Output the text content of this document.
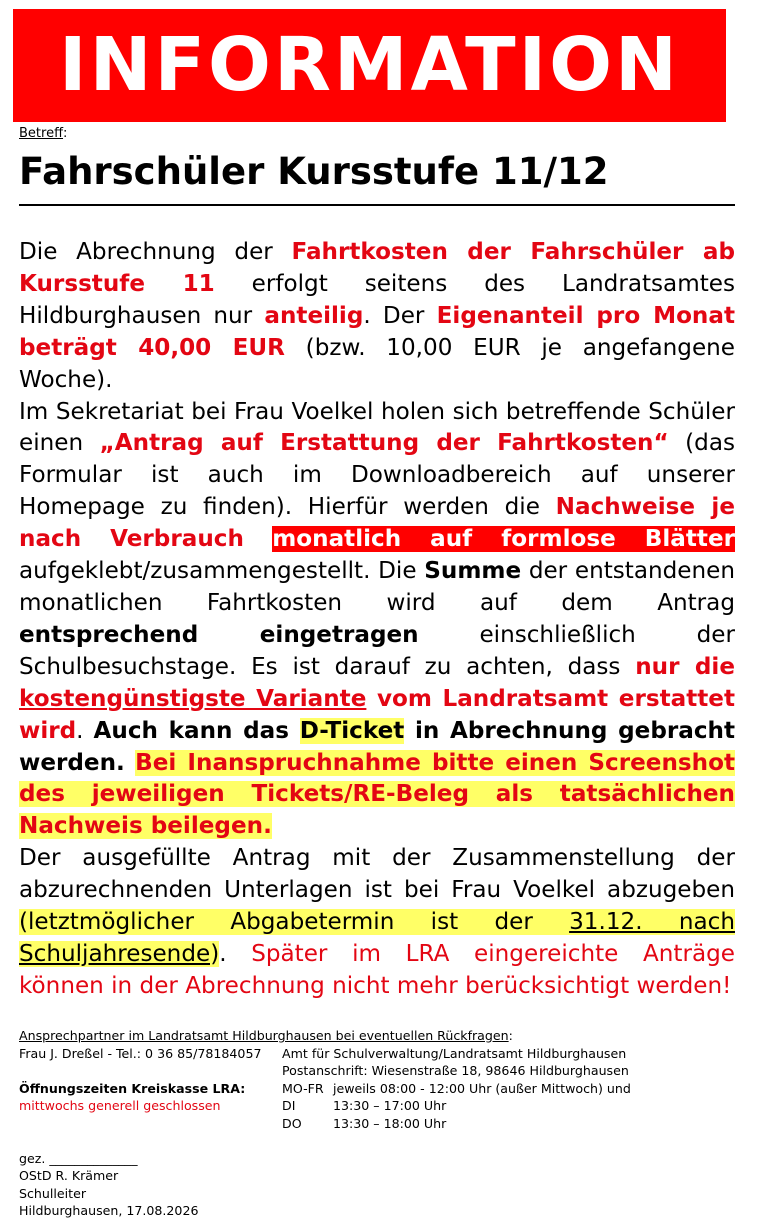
INFORMATION
Betreff:
Fahrschüler Kursstufe 11/12

Die Abrechnung der Fahrtkosten der Fahrschüler ab Kursstufe 11 erfolgt seitens des Landratsamtes Hildburghausen nur anteilig. Der Eigenanteil pro Monat beträgt 40,00 EUR (bzw. 10,00 EUR je angefangene Woche).

Im Sekretariat bei Frau Voelkel holen sich betreffende Schüler einen „Antrag auf Erstattung der Fahrtkosten“ (das Formular ist auch im Downloadbereich auf unserer Homepage zu finden). Hierfür werden die Nachweise je nach Verbrauch monatlich auf formlose Blätter aufgeklebt/zusammengestellt. Die Summe der entstandenen monatlichen Fahrtkosten wird auf dem Antrag entsprechend eingetragen einschließlich der Schulbesuchstage. Es ist darauf zu achten, dass nur die kostengünstigste Variante vom Landratsamt erstattet wird. Auch kann das D-Ticket in Abrechnung gebracht werden. Bei Inanspruchnahme bitte einen Screenshot des jeweiligen Tickets/RE-Beleg als tatsächlichen Nachweis beilegen.

Der ausgefüllte Antrag mit der Zusammenstellung der abzurechnenden Unterlagen ist bei Frau Voelkel abzugeben (letztmöglicher Abgabetermin ist der 31.12. nach Schuljahresende). Später im LRA eingereichte Anträge können in der Abrechnung nicht mehr berücksichtigt werden!

Ansprechpartner im Landratsamt Hildburghausen bei eventuellen Rückfragen:
Frau J. Dreßel - Tel.: 0 36 85/78184057 Amt für Schulverwaltung/Landratsamt Hildburghausen
Postanschrift: Wiesenstraße 18, 98646 Hildburghausen
Öffnungszeiten Kreiskasse LRA:	MO-FR jeweils 08:00 - 12:00 Uhr (außer Mittwoch) und
mittwochs generell geschlossen	DI	13:30 – 17:00 Uhr
DO 13:30 – 18:00 Uhr
gez. ______________
OStD R. Krämer
Schulleiter
Hildburghausen, 17.08.2026
